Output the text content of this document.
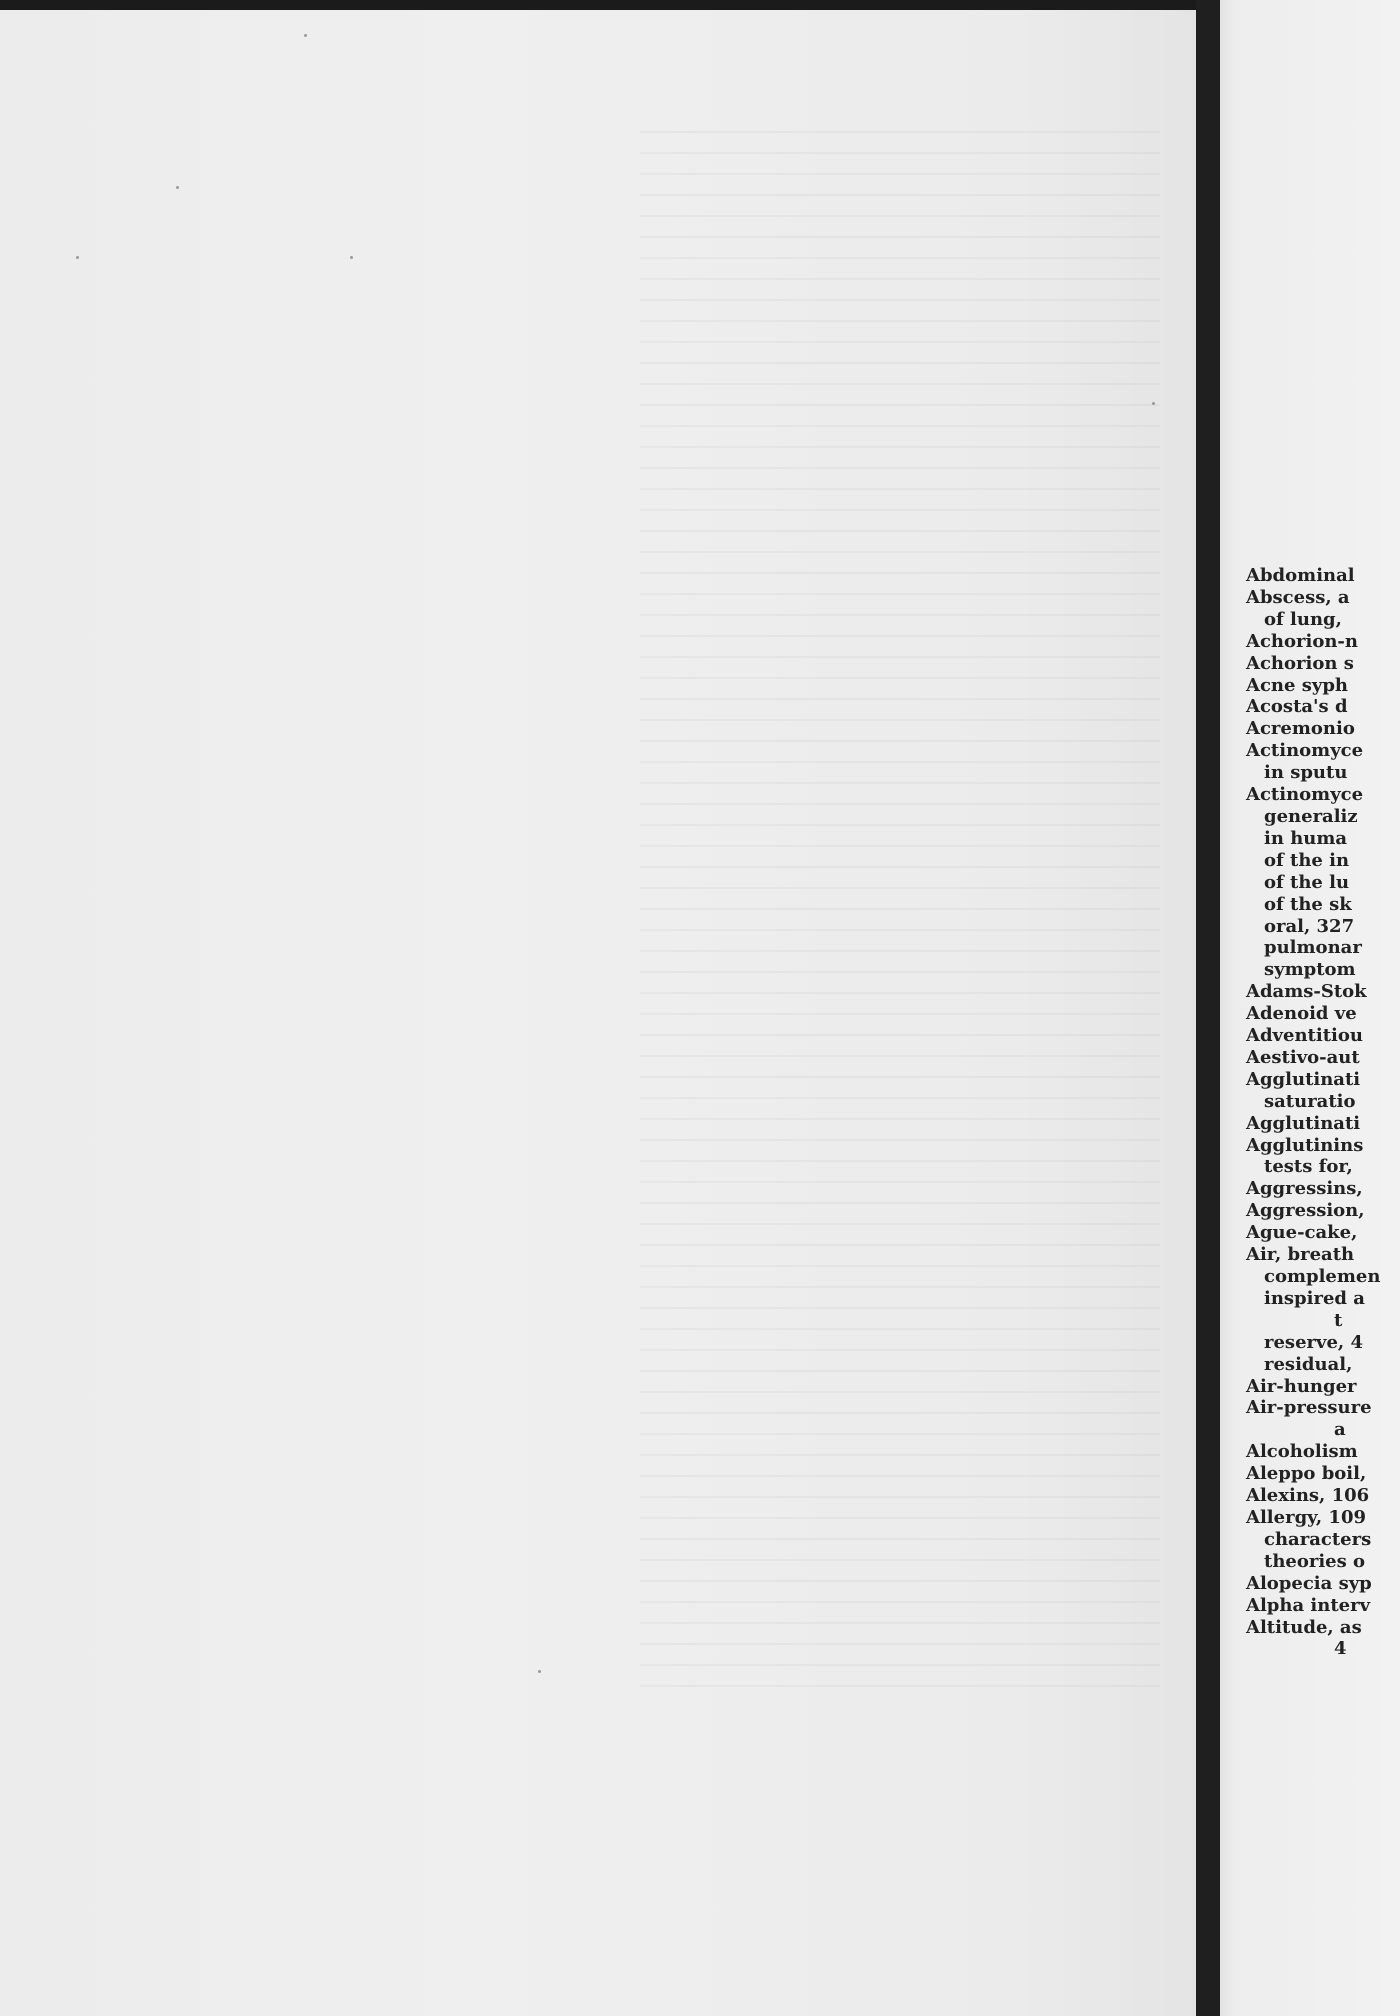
Abdominal
Abscess, a
of lung,
Achorion-n
Achorion s
Acne syph
Acosta's d
Acremonio
Actinomyce
in sputu
Actinomyce
generaliz
in huma
of the in
of the lu
of the sk
oral, 327
pulmonar
symptom
Adams-Stok
Adenoid ve
Adventitiou
Aestivo-aut
Agglutinati
saturatio
Agglutinati
Agglutinins
tests for,
Aggressins,
Aggression,
Ague-cake,
Air, breath
complemen
inspired a
t
reserve, 4
residual,
Air-hunger
Air-pressure
a
Alcoholism
Aleppo boil,
Alexins, 106
Allergy, 109
characters
theories o
Alopecia syp
Alpha interv
Altitude, as
4
